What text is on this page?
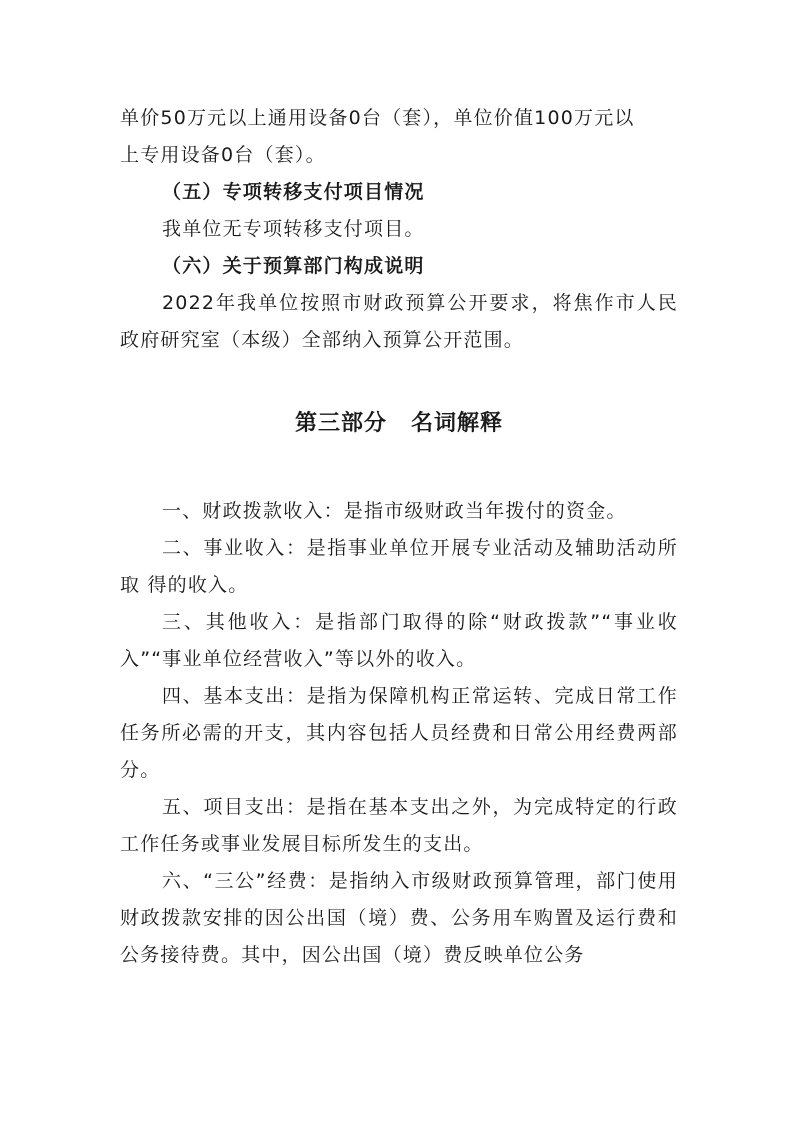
单价50万元以上通用设备0台（套），单位价值100万元以
上专用设备0台（套）。

（五）专项转移支付项目情况

我单位无专项转移支付项目。

（六）关于预算部门构成说明

2022年我单位按照市财政预算公开要求，将焦作市人民政府研究室（本级）全部纳入预算公开范围。

第三部分 名词解释

一、财政拨款收入：是指市级财政当年拨付的资金。

二、事业收入：是指事业单位开展专业活动及辅助活动所取 得的收入。

三、其他收入：是指部门取得的除“财政拨款”“事业收入”“事业单位经营收入”等以外的收入。

四、基本支出：是指为保障机构正常运转、完成日常工作任务所必需的开支，其内容包括人员经费和日常公用经费两部分。

五、项目支出：是指在基本支出之外，为完成特定的行政工作任务或事业发展目标所发生的支出。

六、“三公”经费：是指纳入市级财政预算管理，部门使用财政拨款安排的因公出国（境）费、公务用车购置及运行费和公务接待费。其中，因公出国（境）费反映单位公务
